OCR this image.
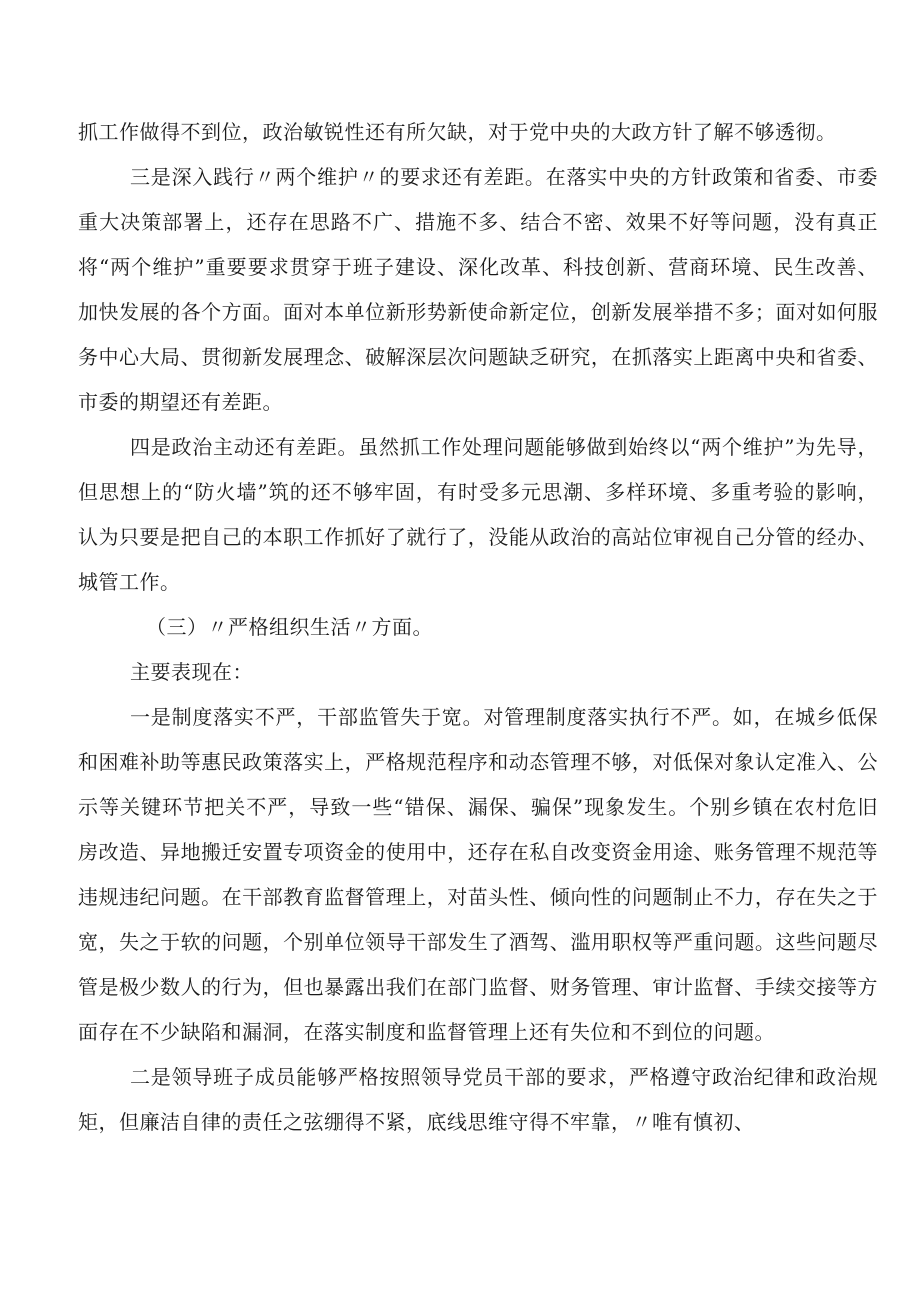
抓工作做得不到位，政治敏锐性还有所欠缺，对于党中央的大政方针了解不够透彻。

三是深入践行〃两个维护〃的要求还有差距。在落实中央的方针政策和省委、市委重大决策部署上，还存在思路不广、措施不多、结合不密、效果不好等问题，没有真正将“两个维护”重要要求贯穿于班子建设、深化改革、科技创新、营商环境、民生改善、加快发展的各个方面。面对本单位新形势新使命新定位，创新发展举措不多；面对如何服务中心大局、贯彻新发展理念、破解深层次问题缺乏研究，在抓落实上距离中央和省委、市委的期望还有差距。

四是政治主动还有差距。虽然抓工作处理问题能够做到始终以“两个维护”为先导，但思想上的“防火墙”筑的还不够牢固，有时受多元思潮、多样环境、多重考验的影响，认为只要是把自己的本职工作抓好了就行了，没能从政治的高站位审视自己分管的经办、城管工作。

（三）〃严格组织生活〃方面。

主要表现在：

一是制度落实不严，干部监管失于宽。对管理制度落实执行不严。如，在城乡低保和困难补助等惠民政策落实上，严格规范程序和动态管理不够，对低保对象认定准入、公示等关键环节把关不严，导致一些“错保、漏保、骗保”现象发生。个别乡镇在农村危旧房改造、异地搬迁安置专项资金的使用中，还存在私自改变资金用途、账务管理不规范等违规违纪问题。在干部教育监督管理上，对苗头性、倾向性的问题制止不力，存在失之于宽，失之于软的问题，个别单位领导干部发生了酒驾、滥用职权等严重问题。这些问题尽管是极少数人的行为，但也暴露出我们在部门监督、财务管理、审计监督、手续交接等方面存在不少缺陷和漏洞，在落实制度和监督管理上还有失位和不到位的问题。

二是领导班子成员能够严格按照领导党员干部的要求，严格遵守政治纪律和政治规矩，但廉洁自律的责任之弦绷得不紧，底线思维守得不牢靠，〃唯有慎初、
